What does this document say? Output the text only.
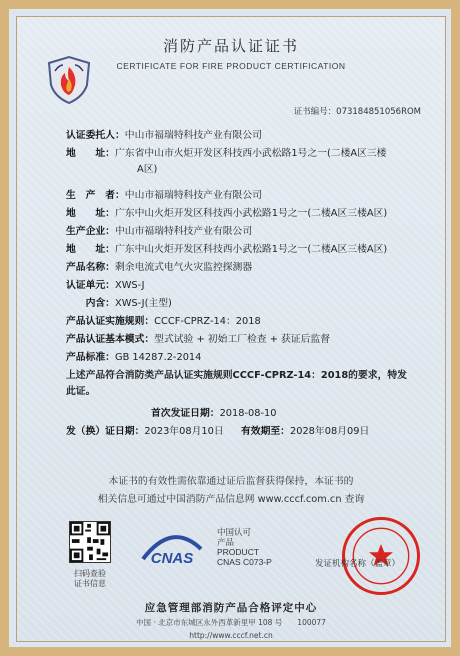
消防产品认证证书
CERTIFICATE FOR FIRE PRODUCT CERTIFICATION
证书编号：073184851056ROM
认证委托人：中山市福瑞特科技产业有限公司
地　　址：广东省中山市火炬开发区科技西小武松路1号之一(二楼A区三楼
A区)
生　产　者：中山市福瑞特科技产业有限公司
地　　址：广东中山火炬开发区科技西小武松路1号之一(二楼A区三楼A区)
生产企业：中山市福瑞特科技产业有限公司
地　　址：广东中山火炬开发区科技西小武松路1号之一(二楼A区三楼A区)
产品名称：剩余电流式电气火灾监控探测器
认证单元：XWS-J
　　内含：XWS-J(主型)
产品认证实施规则：CCCF-CPRZ-14：2018
产品认证基本模式：型式试验 + 初始工厂检查 + 获证后监督
产品标准：GB 14287.2-2014
上述产品符合消防类产品认证实施规则CCCF-CPRZ-14：2018的要求，特发
此证。
首次发证日期：2018-08-10
发（换）证日期：2023年08月10日 有效期至：2028年08月09日
本证书的有效性需依靠通过证后监督获得保持，本证书的
相关信息可通过中国消防产品信息网 www.cccf.com.cn 查询
扫码查验
证书信息
CNAS
中国认可
产品
PRODUCT
CNAS C073-P	发证机构名称（盖章）
应急管理部消防产品合格评定中心
中国 · 北京市东城区永外西革新里甲 108 号　　100077
http://www.cccf.net.cn
